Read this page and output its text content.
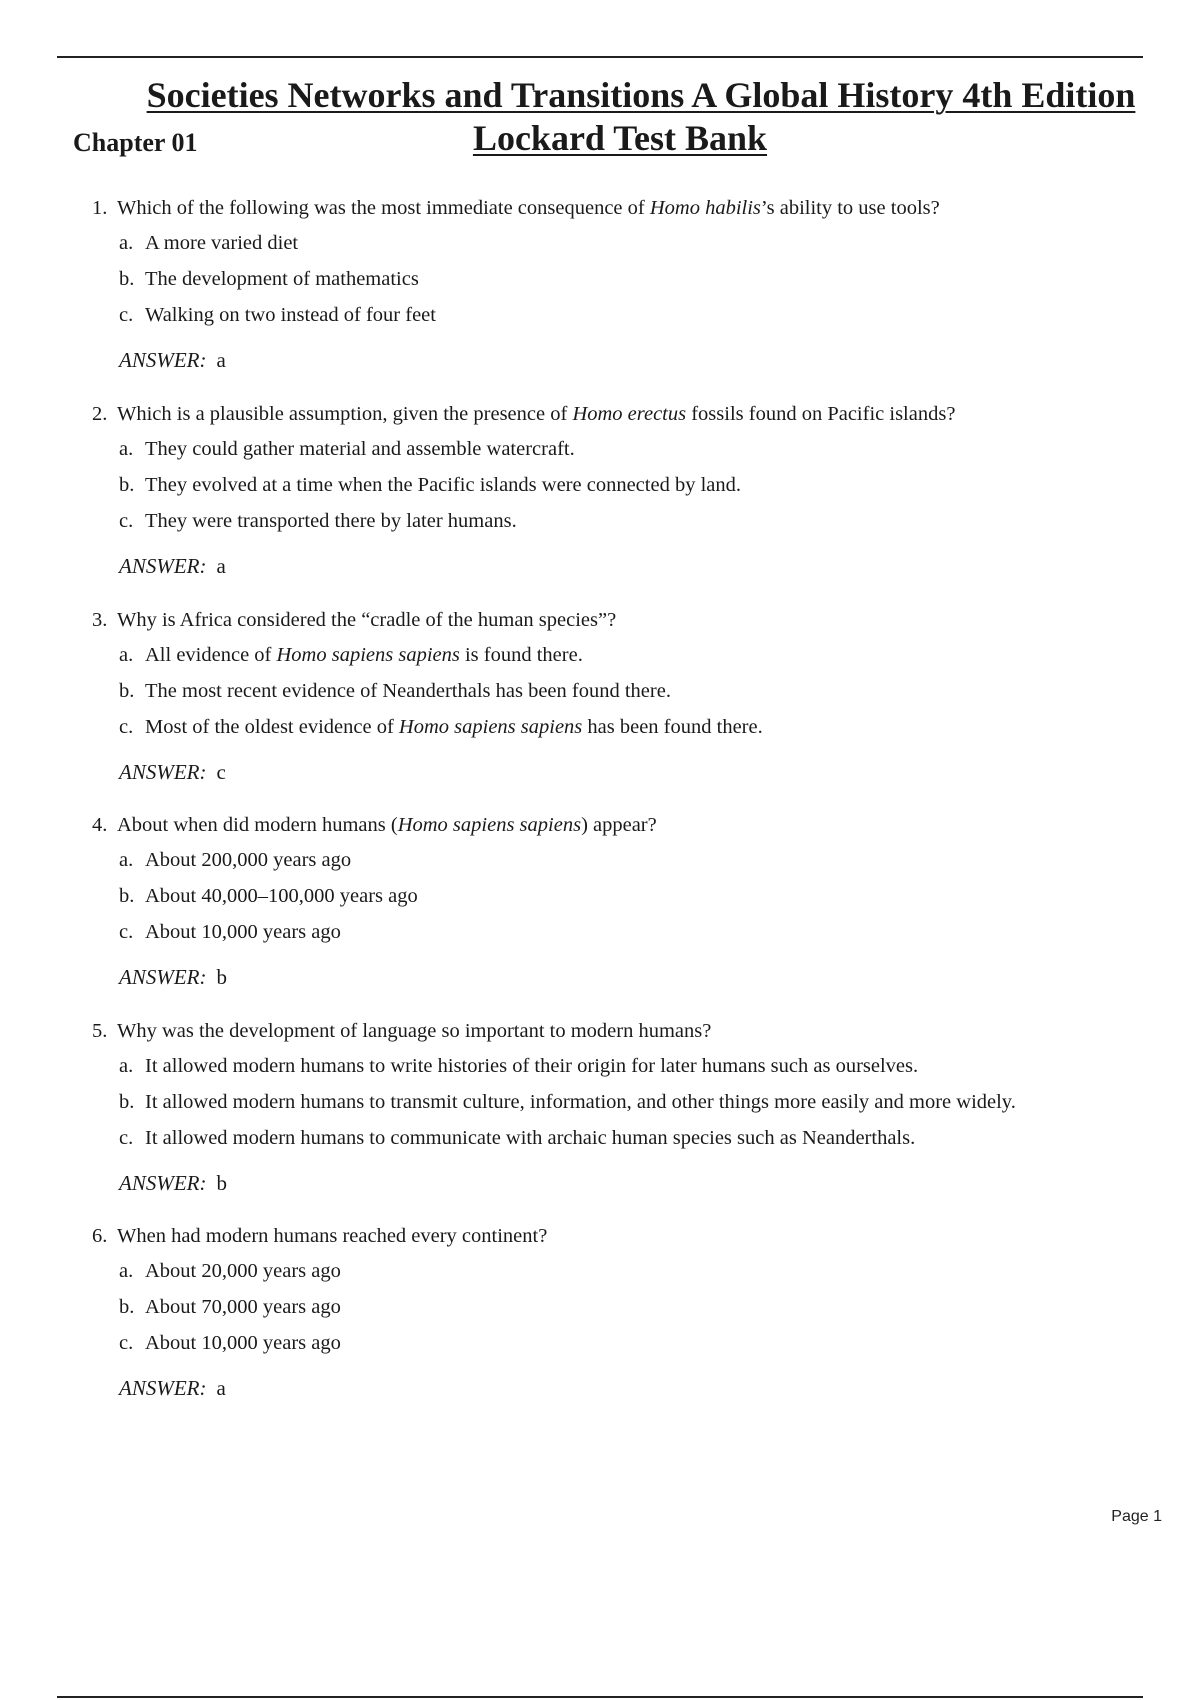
Societies Networks and Transitions A Global History 4th Edition
Lockard Test Bank
Chapter 01
1. Which of the following was the most immediate consequence of Homo habilis’s ability to use tools?
a. A more varied diet
b. The development of mathematics
c. Walking on two instead of four feet
ANSWER: a
2. Which is a plausible assumption, given the presence of Homo erectus fossils found on Pacific islands?
a. They could gather material and assemble watercraft.
b. They evolved at a time when the Pacific islands were connected by land.
c. They were transported there by later humans.
ANSWER: a
3. Why is Africa considered the “cradle of the human species”?
a. All evidence of Homo sapiens sapiens is found there.
b. The most recent evidence of Neanderthals has been found there.
c. Most of the oldest evidence of Homo sapiens sapiens has been found there.
ANSWER: c
4. About when did modern humans (Homo sapiens sapiens) appear?
a. About 200,000 years ago
b. About 40,000–100,000 years ago
c. About 10,000 years ago
ANSWER: b
5. Why was the development of language so important to modern humans?
a. It allowed modern humans to write histories of their origin for later humans such as ourselves.
b. It allowed modern humans to transmit culture, information, and other things more easily and more widely.
c. It allowed modern humans to communicate with archaic human species such as Neanderthals.
ANSWER: b
6. When had modern humans reached every continent?
a. About 20,000 years ago
b. About 70,000 years ago
c. About 10,000 years ago
ANSWER: a
Page 1
